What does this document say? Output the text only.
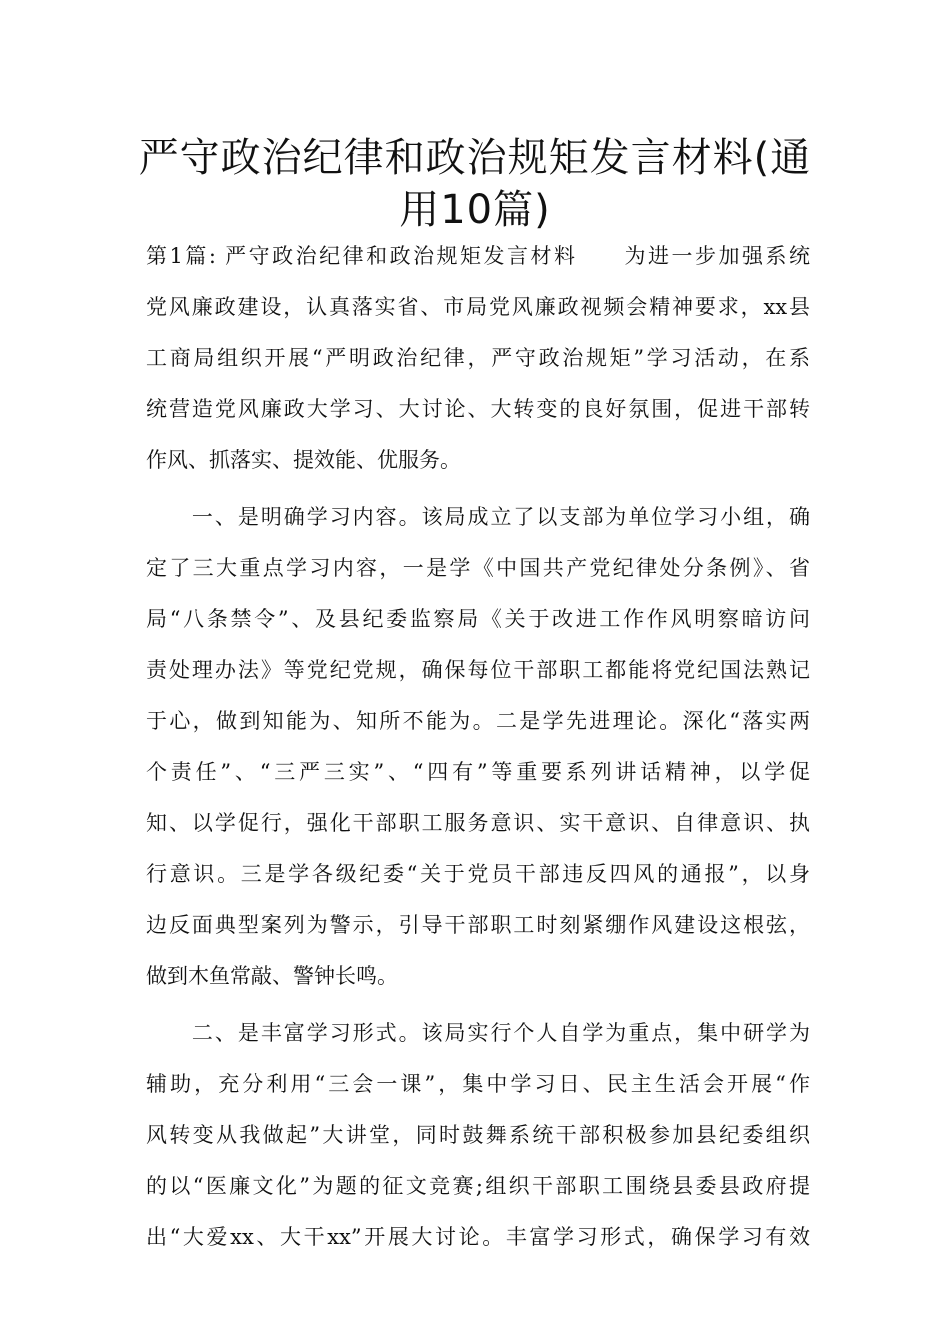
严守政治纪律和政治规矩发言材料(通
用10篇)
第1篇: 严守政治纪律和政治规矩发言材料　　为进一步加强系统
党风廉政建设，认真落实省、市局党风廉政视频会精神要求，xx县
工商局组织开展“严明政治纪律，严守政治规矩”学习活动，在系
统营造党风廉政大学习、大讨论、大转变的良好氛围，促进干部转
作风、抓落实、提效能、优服务。
　　一、是明确学习内容。该局成立了以支部为单位学习小组，确
定了三大重点学习内容，一是学《中国共产党纪律处分条例》、省
局“八条禁令”、及县纪委监察局《关于改进工作作风明察暗访问
责处理办法》等党纪党规，确保每位干部职工都能将党纪国法熟记
于心，做到知能为、知所不能为。二是学先进理论。深化“落实两
个责任”、“三严三实”、“四有”等重要系列讲话精神，以学促
知、以学促行，强化干部职工服务意识、实干意识、自律意识、执
行意识。三是学各级纪委“关于党员干部违反四风的通报”，以身
边反面典型案列为警示，引导干部职工时刻紧绷作风建设这根弦，
做到木鱼常敲、警钟长鸣。
　　二、是丰富学习形式。该局实行个人自学为重点，集中研学为
辅助，充分利用“三会一课”，集中学习日、民主生活会开展“作
风转变从我做起”大讲堂，同时鼓舞系统干部积极参加县纪委组织
的以“医廉文化”为题的征文竞赛;组织干部职工围绕县委县政府提
出“大爱xx、大干xx”开展大讨论。丰富学习形式，确保学习有效
